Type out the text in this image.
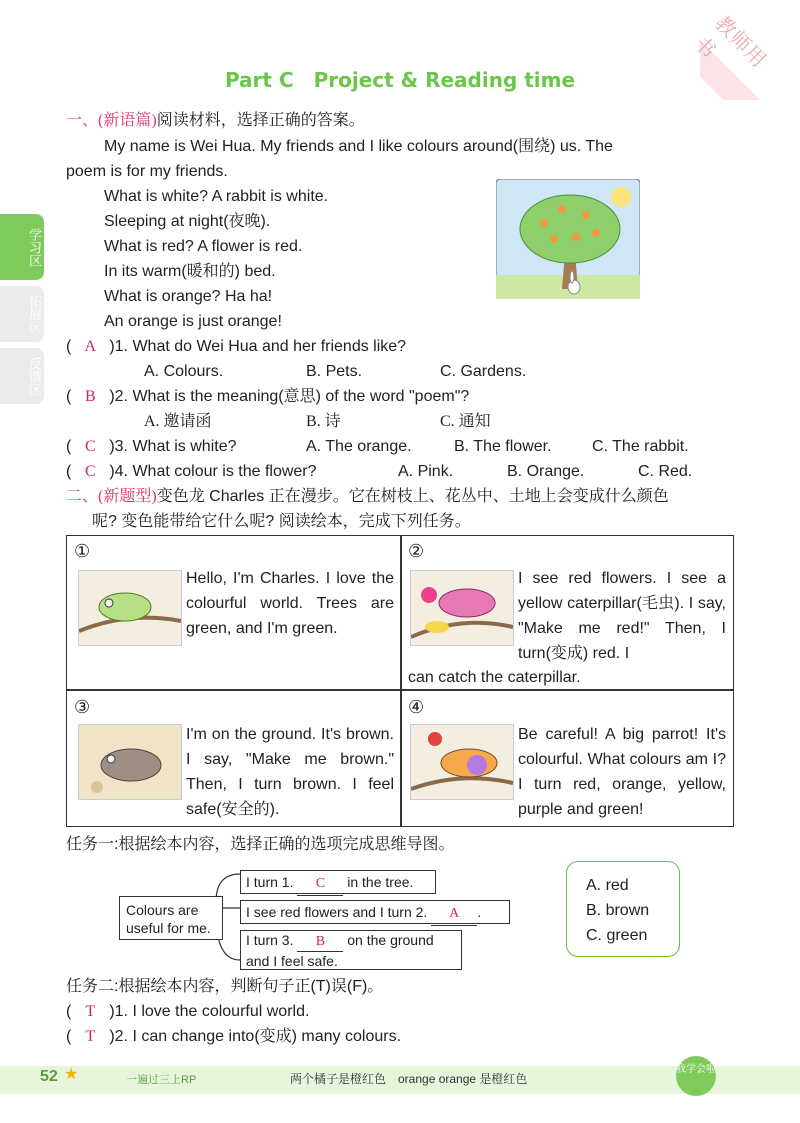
教师用书
Part C　Project & Reading time
学习区
拓展区
反馈区
一、(新语篇)阅读材料，选择正确的答案。
My name is Wei Hua. My friends and I like colours around(围绕) us. The
poem is for my friends.
What is white? A rabbit is white.
Sleeping at night(夜晚).
What is red? A flower is red.
In its warm(暖和的) bed.
What is orange? Ha ha!
An orange is just orange!
( A )1. What do Wei Hua and her friends like?
A. Colours.	B. Pets.	C. Gardens.
( B )2. What is the meaning(意思) of the word "poem"?
A. 邀请函	B. 诗	C. 通知
( C )3. What is white?	A. The orange.	B. The flower.	C. The rabbit.
( C )4. What colour is the flower?	A. Pink.	B. Orange.	C. Red.
二、(新题型)变色龙 Charles 正在漫步。它在树枝上、花丛中、土地上会变成什么颜色
呢? 变色能带给它什么呢? 阅读绘本，完成下列任务。
①
Hello, I'm Charles. I love the colourful world. Trees are green, and I'm green.
②
I see red flowers. I see a yellow caterpillar(毛虫). I say, "Make me red!" Then, I turn(变成) red. I
can catch the caterpillar.
③
I'm on the ground. It's brown. I say, "Make me brown." Then, I turn brown. I feel safe(安全的).
④
Be careful! A big parrot! It's colourful. What colours am I? I turn red, orange, yellow, purple and green!
任务一:根据绘本内容，选择正确的选项完成思维导图。
Colours are useful for me.
I turn 1. C in the tree.
I see red flowers and I turn 2. A .
I turn 3. B on the ground
and I feel safe.
A. red
B. brown
C. green
任务二:根据绘本内容，判断句子正(T)误(F)。
( T )1. I love the colourful world.
( T )2. I can change into(变成) many colours.
52 ★	一遍过三上RP	两个橘子是橙红色　orange orange 是橙红色
我学会啦
